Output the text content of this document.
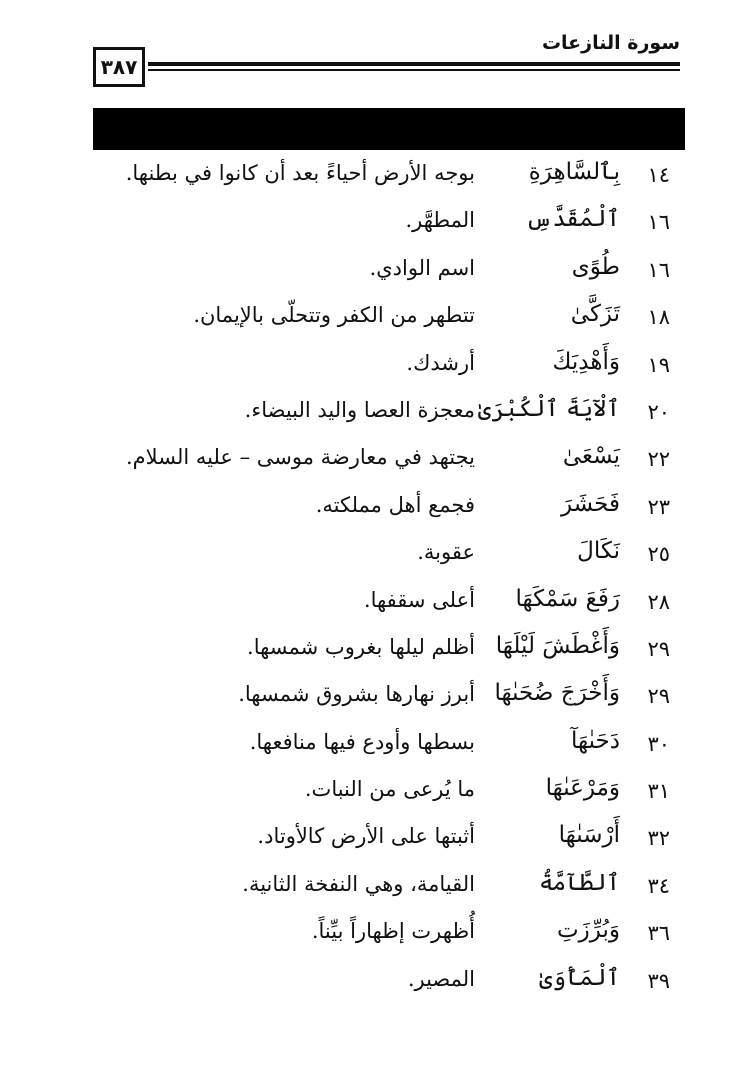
سورة النازعات
٣٨٧
١٤
بِٱلسَّاهِرَةِ
بوجه الأرض أحياءً بعد أن كانوا في بطنها.
١٦
ٱلْمُقَدَّسِ
المطهَّر.
١٦
طُوًى
اسم الوادي.
١٨
تَزَكَّىٰ
تتطهر من الكفر وتتحلّى بالإيمان.
١٩
وَأَهْدِيَكَ
أرشدك.
٢٠
ٱلْآيَةَ ٱلْكُبْرَىٰ
معجزة العصا واليد البيضاء.
٢٢
يَسْعَىٰ
يجتهد في معارضة موسى – عليه السلام.
٢٣
فَحَشَرَ
فجمع أهل مملكته.
٢٥
نَكَالَ
عقوبة.
٢٨
رَفَعَ سَمْكَهَا
أعلى سقفها.
٢٩
وَأَغْطَشَ لَيْلَهَا
أظلم ليلها بغروب شمسها.
٢٩
وَأَخْرَجَ ضُحَىٰهَا
أبرز نهارها بشروق شمسها.
٣٠
دَحَىٰهَآ
بسطها وأودع فيها منافعها.
٣١
وَمَرْعَىٰهَا
ما يُرعى من النبات.
٣٢
أَرْسَىٰهَا
أثبتها على الأرض كالأوتاد.
٣٤
ٱلطَّآمَّةُ
القيامة، وهي النفخة الثانية.
٣٦
وَبُرِّزَتِ
أُظهرت إظهاراً بيِّناً.
٣٩
ٱلْمَأْوَىٰ
المصير.
